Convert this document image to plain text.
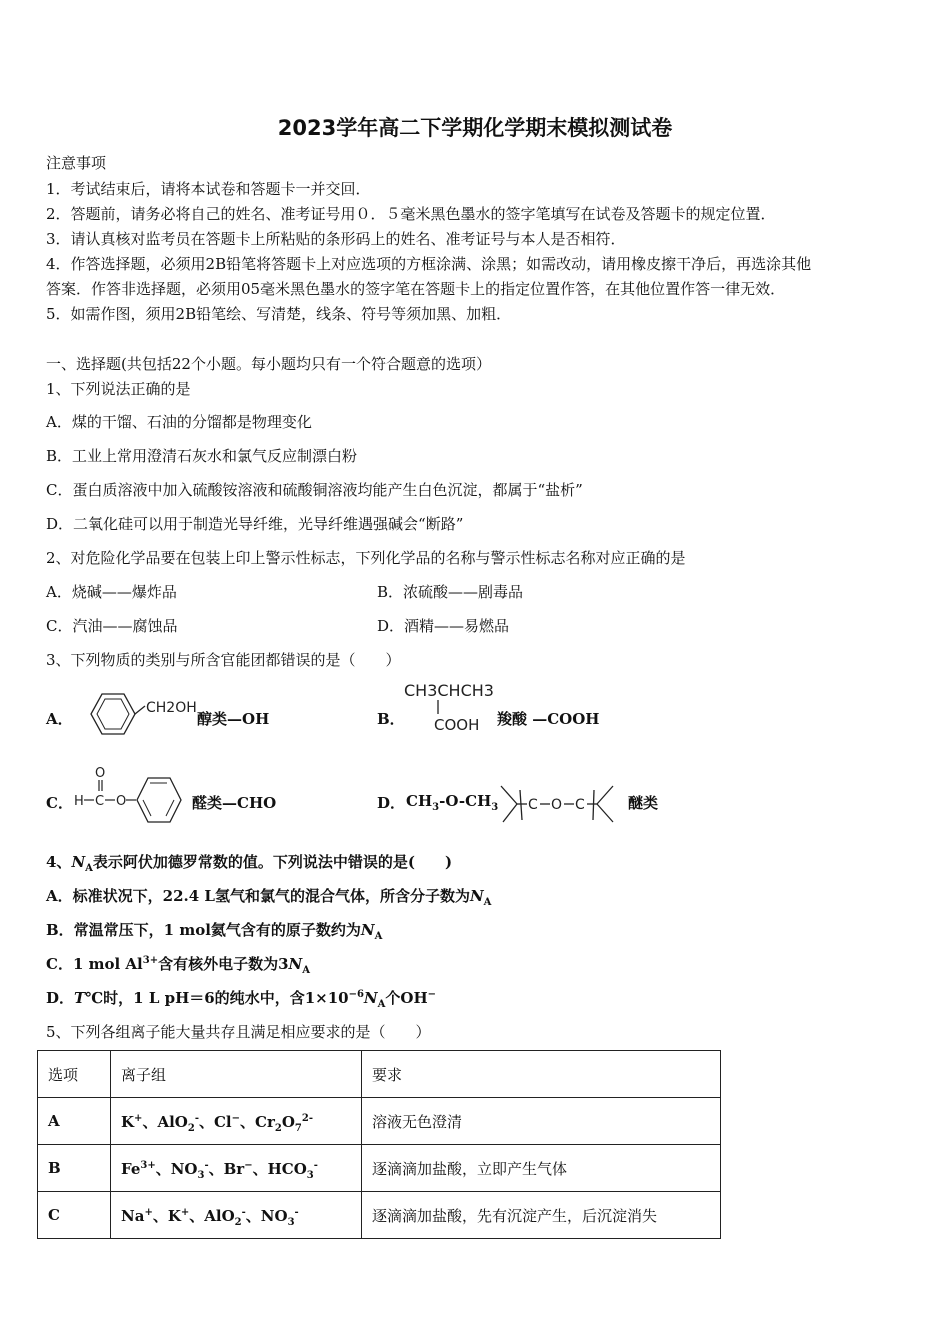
2023学年高二下学期化学期末模拟测试卷
注意事项
1．考试结束后，请将本试卷和答题卡一并交回．
2．答题前，请务必将自己的姓名、准考证号用０．５毫米黑色墨水的签字笔填写在试卷及答题卡的规定位置．
3．请认真核对监考员在答题卡上所粘贴的条形码上的姓名、准考证号与本人是否相符．
4．作答选择题，必须用2B铅笔将答题卡上对应选项的方框涂满、涂黑；如需改动，请用橡皮擦干净后，再选涂其他
答案．作答非选择题，必须用05毫米黑色墨水的签字笔在答题卡上的指定位置作答，在其他位置作答一律无效．
5．如需作图，须用2B铅笔绘、写清楚，线条、符号等须加黑、加粗．
一、选择题(共包括22个小题。每小题均只有一个符合题意的选项）
1、下列说法正确的是
A．煤的干馏、石油的分馏都是物理变化
B．工业上常用澄清石灰水和氯气反应制漂白粉
C．蛋白质溶液中加入硫酸铵溶液和硫酸铜溶液均能产生白色沉淀，都属于“盐析”
D．二氧化硅可以用于制造光导纤维，光导纤维遇强碱会“断路”
2、对危险化学品要在包装上印上警示性标志，下列化学品的名称与警示性标志名称对应正确的是
A．烧碱——爆炸品	B．浓硫酸——剧毒品
C．汽油——腐蚀品	D．酒精——易燃品
3、下列物质的类别与所含官能团都错误的是（　　）
A．
CH2OH
醇类—OH	B．
CH3CHCH3
COOH 羧酸 —COOH
C． H C
O
O	醛类—CHO	D． $CH_3-O-CH_3$ C O C	醚类
4、$N_A$表示阿伏加德罗常数的值。下列说法中错误的是(　　)
A．标准状况下，22.4 L氢气和氯气的混合气体，所含分子数为$N_A$
B．常温常压下，1 mol氦气含有的原子数约为$N_A$
C．1 mol $Al^{3+}$含有核外电子数为$3N_A$
D．T℃时，1 L pH＝6的纯水中，含$1\times 10^{-6}N_A$个OH−
5、下列各组离子能大量共存且满足相应要求的是（　　）
选项	离子组	要求
A	K+、AlO$_2$-、Cl−、$Cr_2O_7^{2-}$	溶液无色澄清
B	$Fe^{3+}$、$NO_3^-$、Br−、$HCO_3^-$	逐滴滴加盐酸，立即产生气体
C	Na+、K+、AlO$_2$-、$NO_3^-$	逐滴滴加盐酸，先有沉淀产生，后沉淀消失
